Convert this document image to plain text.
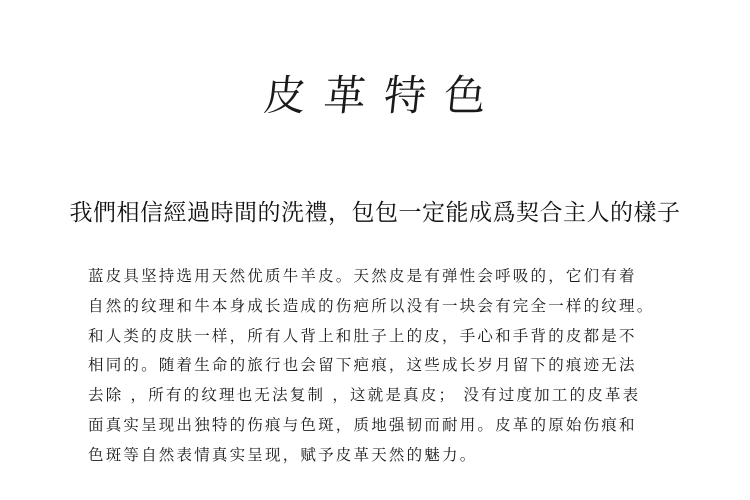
皮革特色
我們相信經過時間的洗禮，包包一定能成爲契合主人的樣子
蓝皮具坚持选用天然优质牛羊皮。天然皮是有弹性会呼吸的，它们有着
自然的纹理和牛本身成长造成的伤疤所以没有一块会有完全一样的纹理。
和人类的皮肤一样，所有人背上和肚子上的皮，手心和手背的皮都是不
相同的。随着生命的旅行也会留下疤痕，这些成长岁月留下的痕迹无法
去除 ，所有的纹理也无法复制 ，这就是真皮； 没有过度加工的皮革表
面真实呈现出独特的伤痕与色斑，质地强韧而耐用。皮革的原始伤痕和
色斑等自然表情真实呈现，赋予皮革天然的魅力。
